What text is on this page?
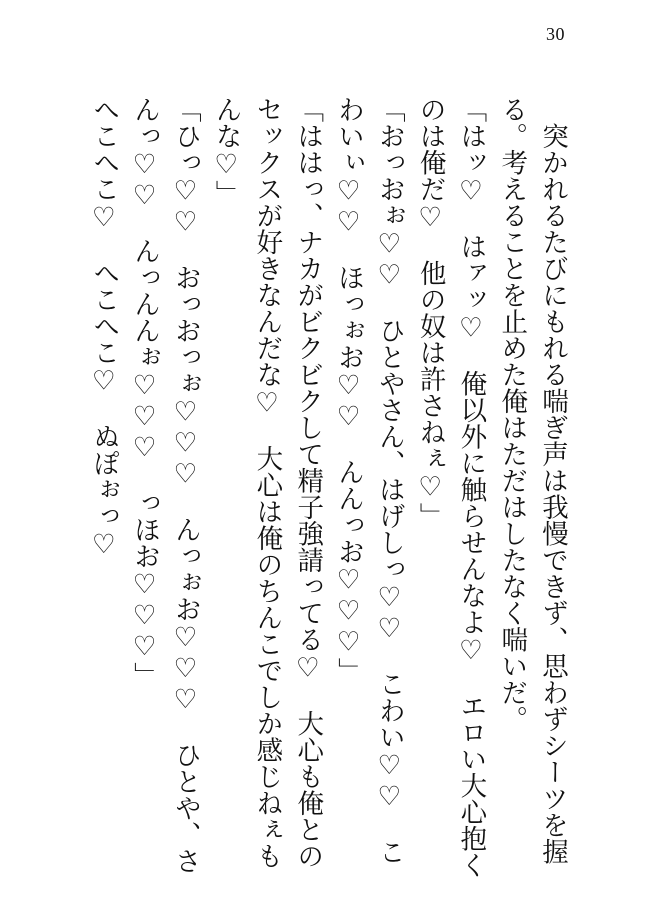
30
　突かれるたびにもれる喘ぎ声は我慢できず、思わずシーツを握
る。考えることを止めた俺はただはしたなく喘いだ。
「はッ♡　はァッ♡　俺以外に触らせんなよ♡　エロい大心抱く
のは俺だ♡　他の奴は許さねぇ♡」
「おっおぉ♡♡　ひとやさん、はげしっ♡♡　こわい♡♡　こ
わいぃ♡♡　ほっぉお♡♡　んんっお♡♡♡」
「ははっ、ナカがビクビクして精子強請ってる♡　大心も俺との
セックスが好きなんだな♡　大心は俺のちんこでしか感じねぇも
んな♡」
「ひっ♡♡　おっおっぉ♡♡♡　んっぉお♡♡♡　ひとや、さ
んっ♡♡　んっんんぉ♡♡♡　っほお♡♡♡」
へこへこ♡　へこへこ♡　ぬぽぉっ♡
